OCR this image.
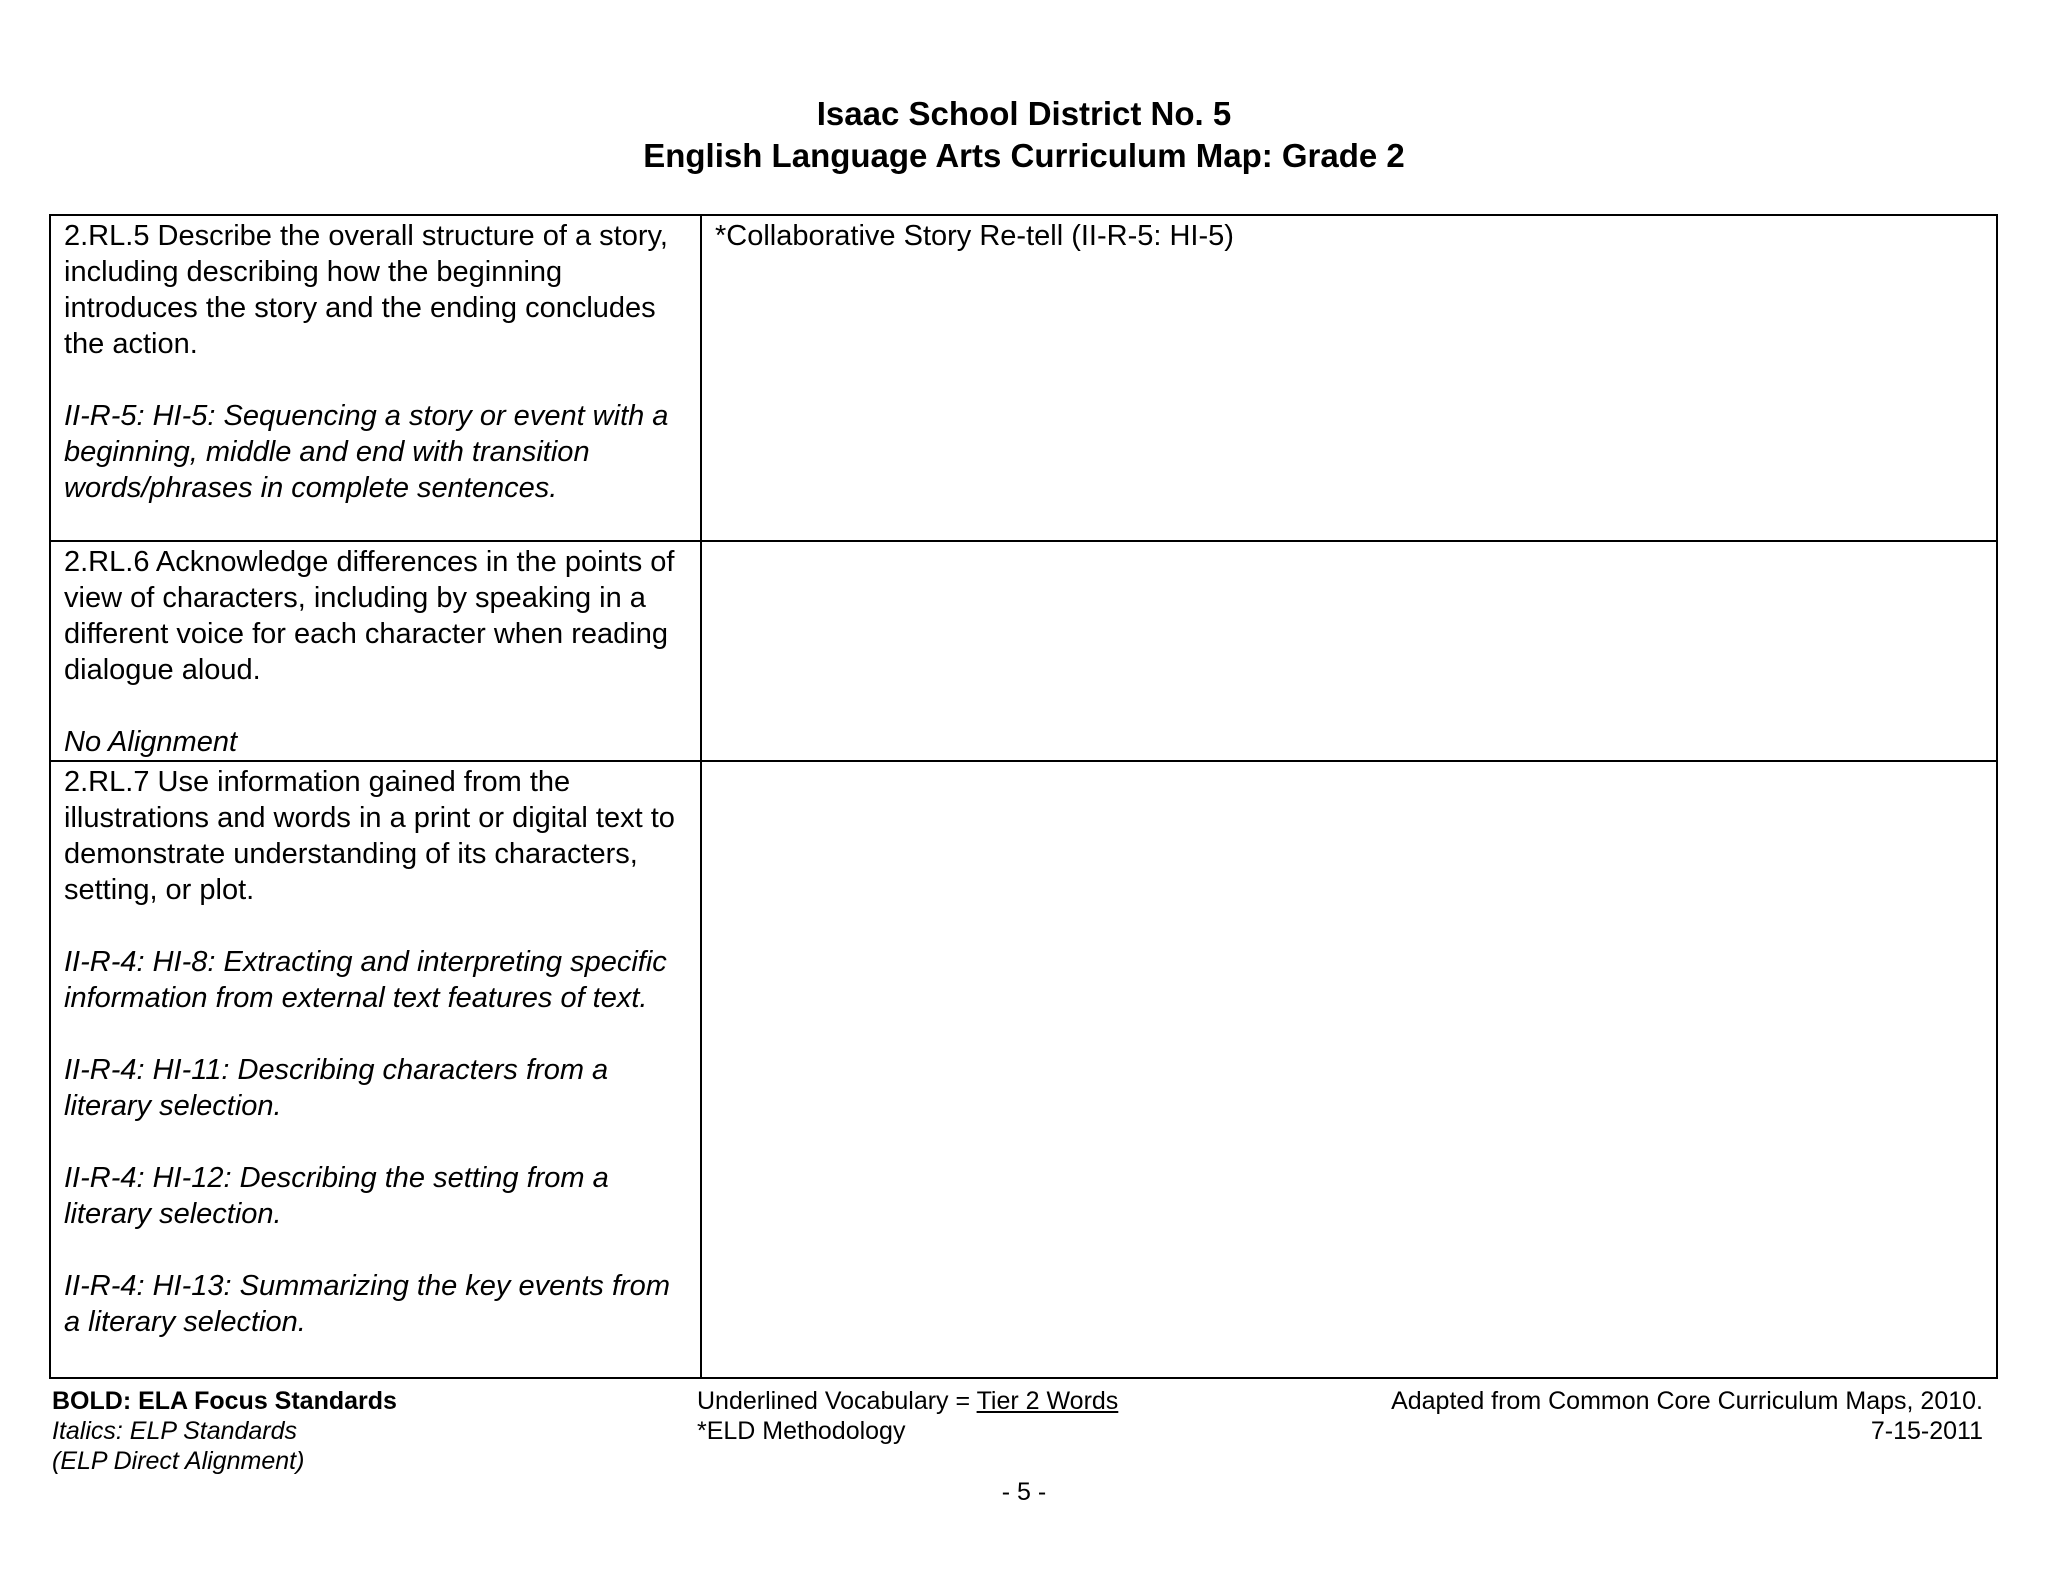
Isaac School District No. 5
English Language Arts Curriculum Map: Grade 2

2.RL.5 Describe the overall structure of a story, including describing how the beginning introduces the story and the ending concludes the action.

II-R-5: HI-5: Sequencing a story or event with a beginning, middle and end with transition words/phrases in complete sentences.	*Collaborative Story Re-tell (II-R-5: HI-5)

2.RL.6 Acknowledge differences in the points of view of characters, including by speaking in a different voice for each character when reading dialogue aloud.

No Alignment	

2.RL.7 Use information gained from the illustrations and words in a print or digital text to demonstrate understanding of its characters, setting, or plot.

II-R-4: HI-8: Extracting and interpreting specific information from external text features of text.

II-R-4: HI-11: Describing characters from a literary selection.

II-R-4: HI-12: Describing the setting from a literary selection.

II-R-4: HI-13: Summarizing the key events from a literary selection.	

BOLD: ELA Focus Standards
Italics: ELP Standards
(ELP Direct Alignment)
Underlined Vocabulary = Tier 2 Words
*ELD Methodology
Adapted from Common Core Curriculum Maps, 2010.
7-15-2011
- 5 -
